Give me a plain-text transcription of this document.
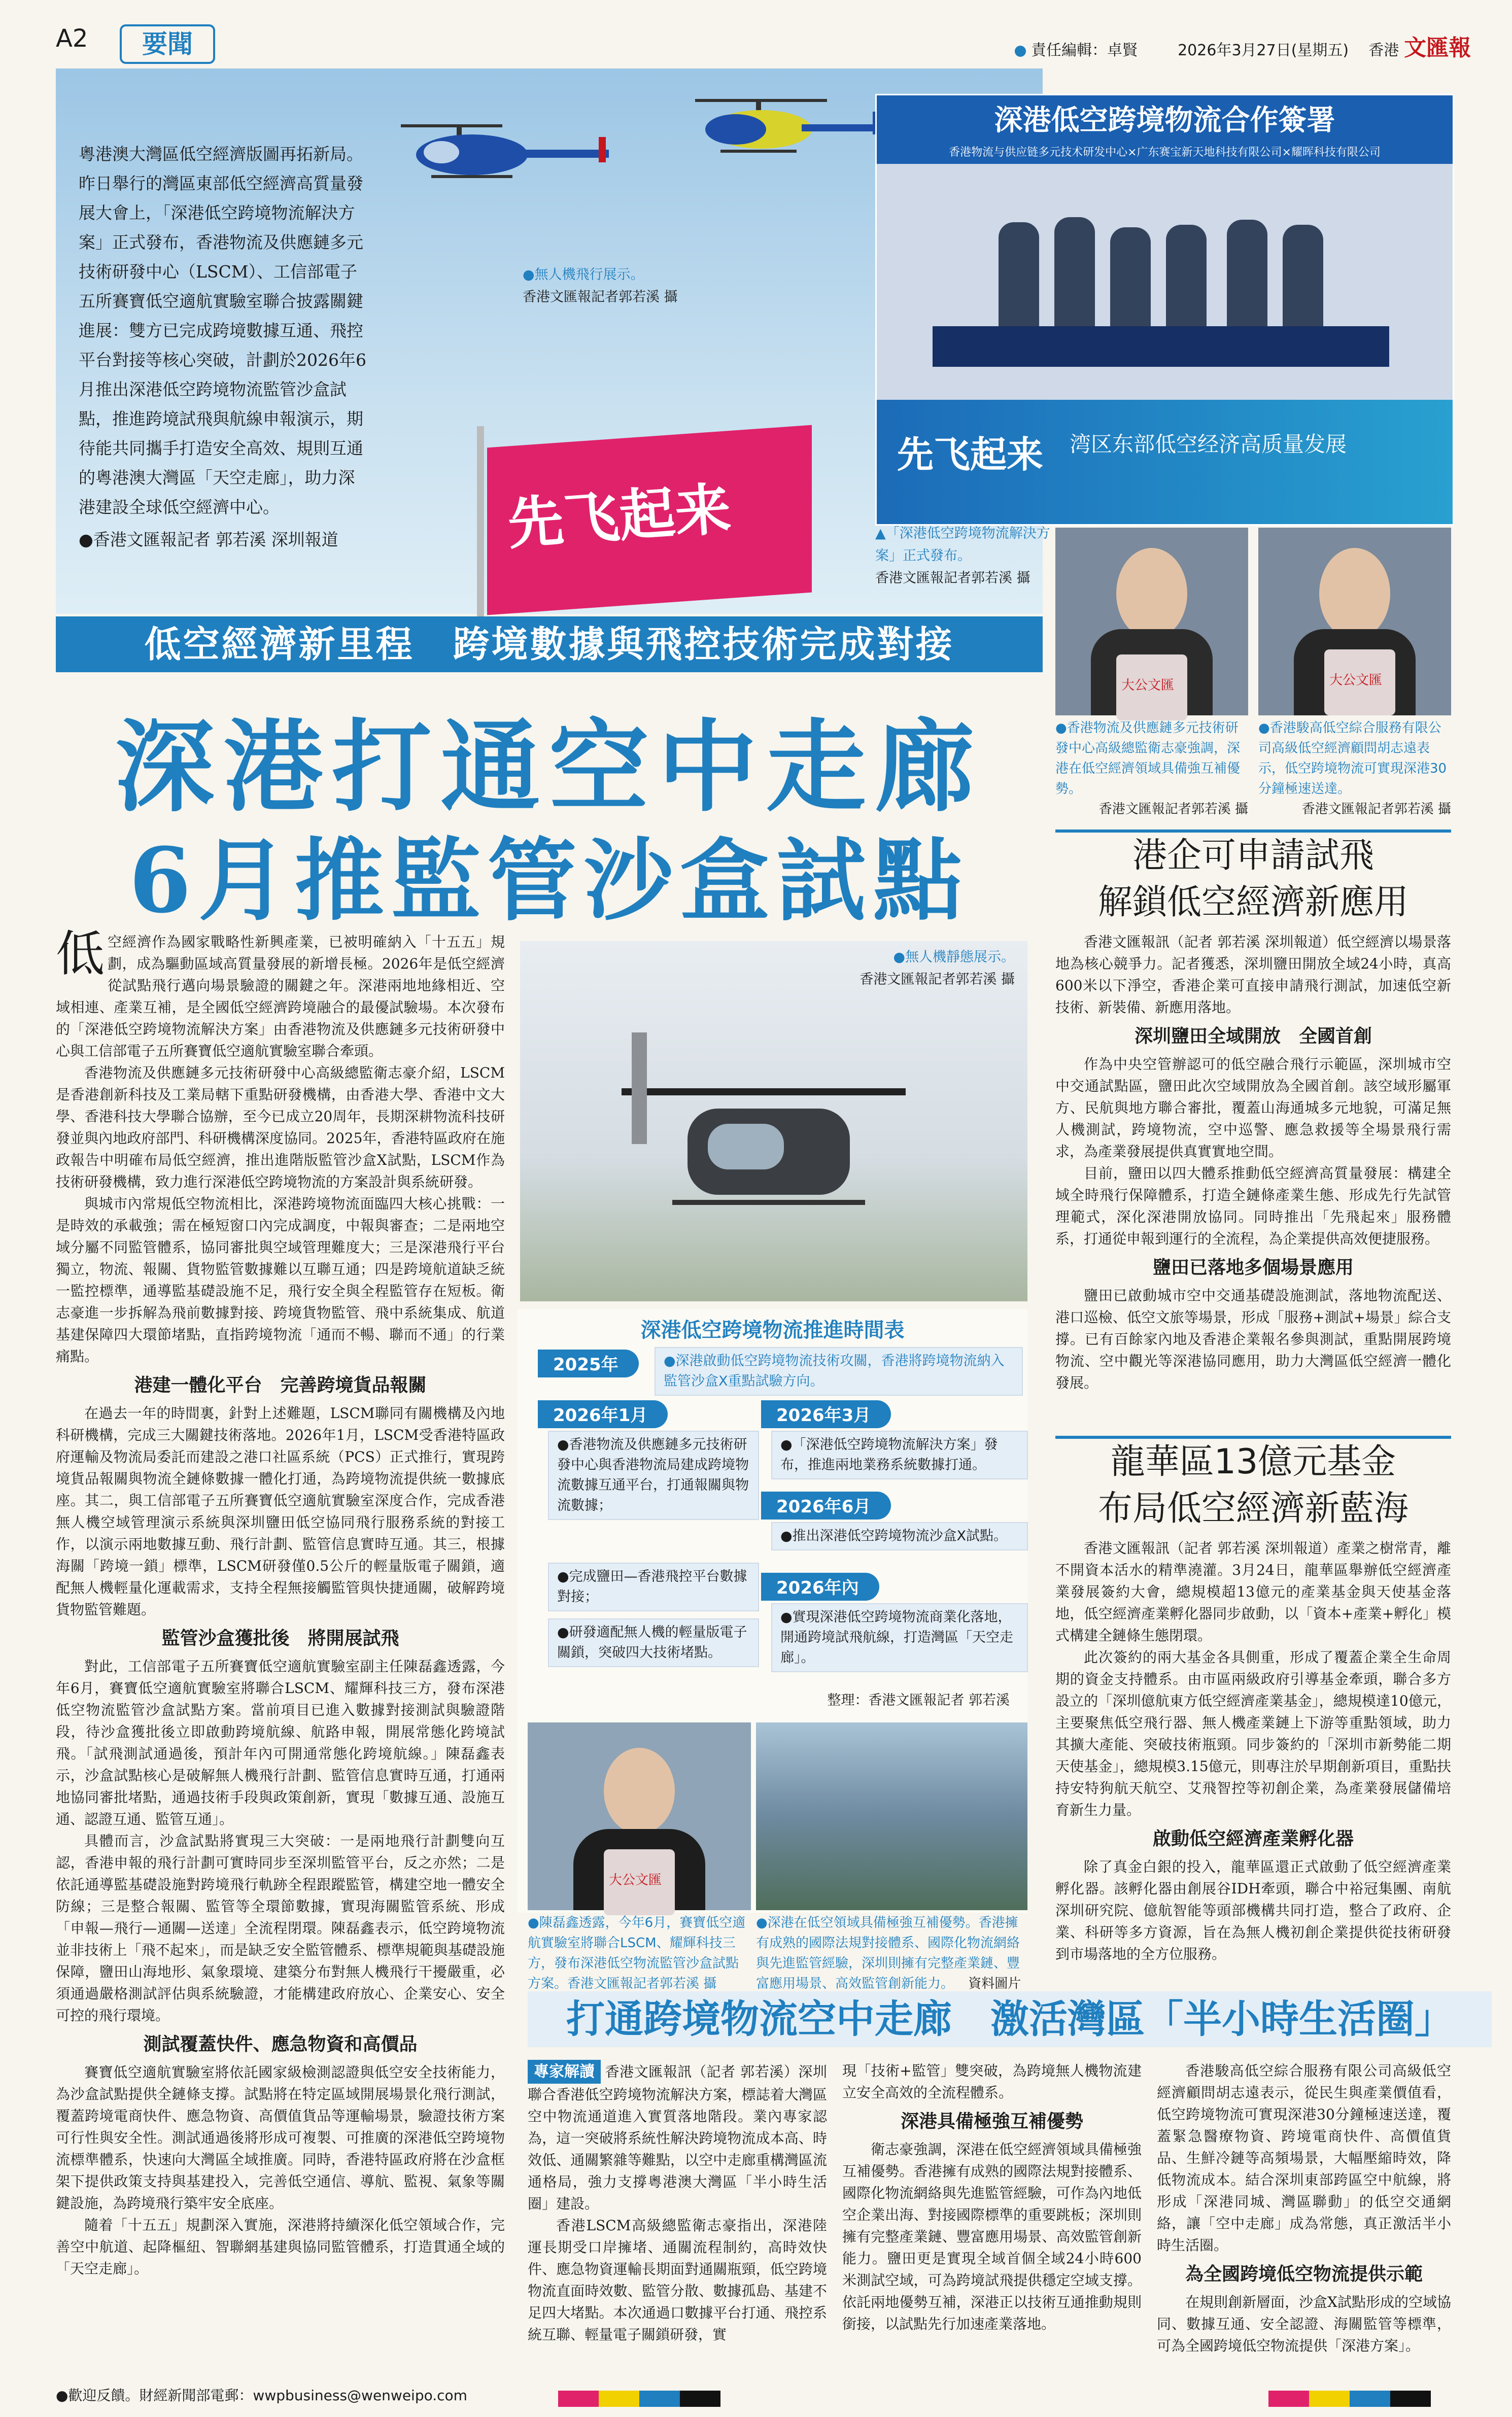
A2	要聞	責任編輯：卓賢	2026年3月27日(星期五) 香港 文匯報
先飞起来
粵港澳大灣區低空經濟版圖再拓新局。昨日舉行的灣區東部低空經濟高質量發展大會上，「深港低空跨境物流解決方案」正式發布，香港物流及供應鏈多元技術研發中心（LSCM）、工信部電子五所賽寶低空適航實驗室聯合披露關鍵進展：雙方已完成跨境數據互通、飛控平台對接等核心突破，計劃於2026年6月推出深港低空跨境物流監管沙盒試點，推進跨境試飛與航線申報演示，期待能共同攜手打造安全高效、規則互通的粵港澳大灣區「天空走廊」，助力深港建設全球低空經濟中心。
●香港文匯報記者 郭若溪 深圳報道
●無人機飛行展示。
香港文匯報記者郭若溪 攝
深港低空跨境物流合作簽署
香港物流与供应链多元技术研发中心×广东赛宝新天地科技有限公司×耀晖科技有限公司
先飞起来 湾区东部低空经济高质量发展
▲「深港低空跨境物流解決方案」正式發布。
香港文匯報記者郭若溪 攝
大公文匯	大公文匯
●香港物流及供應鏈多元技術研發中心高級總監衛志豪強調，深港在低空經濟領域具備強互補優勢。
香港文匯報記者郭若溪 攝
●香港駿高低空綜合服務有限公司高級低空經濟顧問胡志遠表示，低空跨境物流可實現深港30分鐘極速送達。
香港文匯報記者郭若溪 攝
低空經濟新里程　跨境數據與飛控技術完成對接
深港打通空中走廊
6月推監管沙盒試點

低空經濟作為國家戰略性新興產業，已被明確納入「十五五」規劃，成為驅動區域高質量發展的新增長極。2026年是低空經濟從試點飛行邁向場景驗證的關鍵之年。深港兩地地緣相近、空域相連、產業互補，是全國低空經濟跨境融合的最優試驗場。本次發布的「深港低空跨境物流解決方案」由香港物流及供應鏈多元技術研發中心與工信部電子五所賽寶低空適航實驗室聯合牽頭。

香港物流及供應鏈多元技術研發中心高級總監衛志豪介紹，LSCM是香港創新科技及工業局轄下重點研發機構，由香港大學、香港中文大學、香港科技大學聯合協辦，至今已成立20周年，長期深耕物流科技研發並與內地政府部門、科研機構深度協同。2025年，香港特區政府在施政報告中明確布局低空經濟，推出進階版監管沙盒X試點，LSCM作為技術研發機構，致力進行深港低空跨境物流的方案設計與系統研發。

與城市內常規低空物流相比，深港跨境物流面臨四大核心挑戰：一是時效的承載強；需在極短窗口內完成調度，中報與審查；二是兩地空域分屬不同監管體系，協同審批與空域管理難度大；三是深港飛行平台獨立，物流、報關、貨物監管數據難以互聯互通；四是跨境航道缺乏統一監控標準，通導監基礎設施不足，飛行安全與全程監管存在短板。衛志豪進一步拆解為飛前數據對接、跨境貨物監管、飛中系統集成、航道基建保障四大環節堵點，直指跨境物流「通而不暢、聯而不通」的行業痛點。

港建一體化平台　完善跨境貨品報關

在過去一年的時間裏，針對上述難題，LSCM聯同有關機構及內地科研機構，完成三大關鍵技術落地。2026年1月，LSCM受香港特區政府運輸及物流局委託而建設之港口社區系統（PCS）正式推行，實現跨境貨品報關與物流全鏈條數據一體化打通，為跨境物流提供統一數據底座。其二，與工信部電子五所賽寶低空適航實驗室深度合作，完成香港無人機空域管理演示系統與深圳鹽田低空協同飛行服務系統的對接工作，以演示兩地數據互動、飛行計劃、監管信息實時互通。其三，根據海關「跨境一鎖」標準，LSCM研發僅0.5公斤的輕量版電子關鎖，適配無人機輕量化運載需求，支持全程無接觸監管與快捷通關，破解跨境貨物監管難題。

監管沙盒獲批後　將開展試飛

對此，工信部電子五所賽寶低空適航實驗室副主任陳磊鑫透露，今年6月，賽寶低空適航實驗室將聯合LSCM、耀輝科技三方，發布深港低空物流監管沙盒試點方案。當前項目已進入數據對接測試與驗證階段，待沙盒獲批後立即啟動跨境航線、航路申報，開展常態化跨境試飛。「試飛測試通過後，預計年內可開通常態化跨境航線。」陳磊鑫表示，沙盒試點核心是破解無人機飛行計劃、監管信息實時互通，打通兩地協同審批堵點，通過技術手段與政策創新，實現「數據互通、設施互通、認證互通、監管互通」。

具體而言，沙盒試點將實現三大突破：一是兩地飛行計劃雙向互認，香港申報的飛行計劃可實時同步至深圳監管平台，反之亦然；二是依託通導監基礎設施對跨境飛行軌跡全程跟蹤監管，構建空地一體安全防線；三是整合報關、監管等全環節數據，實現海關監管系統、形成「申報—飛行—通關—送達」全流程閉環。陳磊鑫表示，低空跨境物流並非技術上「飛不起來」，而是缺乏安全監管體系、標準規範與基礎設施保障，鹽田山海地形、氣象環境、建築分布對無人機飛行干擾嚴重，必須通過嚴格測試評估與系統驗證，才能構建政府放心、企業安心、安全可控的飛行環境。

測試覆蓋快件、應急物資和高價品

賽寶低空適航實驗室將依託國家級檢測認證與低空安全技術能力，為沙盒試點提供全鏈條支撐。試點將在特定區域開展場景化飛行測試，覆蓋跨境電商快件、應急物資、高價值貨品等運輸場景，驗證技術方案可行性與安全性。測試通過後將形成可複製、可推廣的深港低空跨境物流標準體系，快速向大灣區全域推廣。同時，香港特區政府將在沙盒框架下提供政策支持與基建投入，完善低空通信、導航、監視、氣象等關鍵設施，為跨境飛行築牢安全底座。

隨着「十五五」規劃深入實施，深港將持續深化低空領域合作，完善空中航道、起降樞紐、智聯網基建與協同監管體系，打造貫通全域的「天空走廊」。

●無人機靜態展示。
香港文匯報記者郭若溪 攝
深港低空跨境物流推進時間表
2025年	●深港啟動低空跨境物流技術攻關，香港將跨境物流納入監管沙盒X重點試驗方向。
2026年1月
●香港物流及供應鏈多元技術研發中心與香港物流局建成跨境物流數據互通平台，打通報關與物流數據；
●完成鹽田—香港飛控平台數據對接；
●研發適配無人機的輕量版電子關鎖，突破四大技術堵點。
2026年3月
●「深港低空跨境物流解決方案」發布，推進兩地業務系統數據打通。
2026年6月
●推出深港低空跨境物流沙盒X試點。
2026年內
●實現深港低空跨境物流商業化落地，開通跨境試飛航線，打造灣區「天空走廊」。
整理：香港文匯報記者 郭若溪
大公文匯
●陳磊鑫透露，今年6月，賽寶低空適航實驗室將聯合LSCM、耀輝科技三方，發布深港低空物流監管沙盒試點方案。香港文匯報記者郭若溪 攝
●深港在低空領域具備極強互補優勢。香港擁有成熟的國際法規對接體系、國際化物流網絡與先進監管經驗，深圳則擁有完整產業鏈、豐富應用場景、高效監管創新能力。 資料圖片
港企可申請試飛
解鎖低空經濟新應用

香港文匯報訊（記者 郭若溪 深圳報道）低空經濟以場景落地為核心競爭力。記者獲悉，深圳鹽田開放全域24小時，真高600米以下淨空，香港企業可直接申請飛行測試，加速低空新技術、新裝備、新應用落地。

深圳鹽田全域開放　全國首創

作為中央空管辦認可的低空融合飛行示範區，深圳城市空中交通試點區，鹽田此次空域開放為全國首創。該空域形屬軍方、民航與地方聯合審批，覆蓋山海通城多元地貌，可滿足無人機測試，跨境物流，空中巡警、應急救援等全場景飛行需求，為產業發展提供真實實地空間。

目前，鹽田以四大體系推動低空經濟高質量發展：構建全域全時飛行保障體系，打造全鏈條產業生態、形成先行先試管理範式，深化深港開放協同。同時推出「先飛起來」服務體系，打通從申報到運行的全流程，為企業提供高效便捷服務。

鹽田已落地多個場景應用

鹽田已啟動城市空中交通基礎設施測試，落地物流配送、港口巡檢、低空文旅等場景，形成「服務+測試+場景」綜合支撐。已有百餘家內地及香港企業報名參與測試，重點開展跨境物流、空中觀光等深港協同應用，助力大灣區低空經濟一體化發展。

龍華區13億元基金
布局低空經濟新藍海

香港文匯報訊（記者 郭若溪 深圳報道）產業之樹常青，離不開資本活水的精準澆灌。3月24日，龍華區舉辦低空經濟產業發展簽約大會，總規模超13億元的產業基金與天使基金落地，低空經濟產業孵化器同步啟動，以「資本+產業+孵化」模式構建全鏈條生態閉環。

此次簽約的兩大基金各具側重，形成了覆蓋企業全生命周期的資金支持體系。由市區兩級政府引導基金牽頭，聯合多方設立的「深圳億航東方低空經濟產業基金」，總規模達10億元，主要聚焦低空飛行器、無人機產業鏈上下游等重點領域，助力其擴大產能、突破技術瓶頸。同步簽約的「深圳市新勢能二期天使基金」，總規模3.15億元，則專注於早期創新項目，重點扶持安特狗航天航空、艾飛智控等初創企業，為產業發展儲備培育新生力量。

啟動低空經濟產業孵化器

除了真金白銀的投入，龍華區還正式啟動了低空經濟產業孵化器。該孵化器由創展谷IDH牽頭，聯合中裕冠集團、南航深圳研究院、億航智能等頭部機構共同打造，整合了政府、企業、科研等多方資源，旨在為無人機初創企業提供從技術研發到市場落地的全方位服務。

打通跨境物流空中走廊　激活灣區「半小時生活圈」

專家解讀 香港文匯報訊（記者 郭若溪）深圳聯合香港低空跨境物流解決方案，標誌着大灣區空中物流通道進入實質落地階段。業內專家認為，這一突破將系統性解決跨境物流成本高、時效低、通關繁雜等難點，以空中走廊重構灣區流通格局，強力支撐粵港澳大灣區「半小時生活圈」建設。

香港LSCM高級總監衛志豪指出，深港陸運長期受口岸擁堵、通關流程制約，高時效快件、應急物資運輸長期面對通關瓶頸，低空跨境物流直面時效數、監管分散、數據孤島、基建不足四大堵點。本次通過口數據平台打通、飛控系統互聯、輕量電子關鎖研發，實

現「技術+監管」雙突破，為跨境無人機物流建立安全高效的全流程體系。

深港具備極強互補優勢

衛志豪強調，深港在低空經濟領域具備極強互補優勢。香港擁有成熟的國際法規對接體系、國際化物流網絡與先進監管經驗，可作為內地低空企業出海、對接國際標準的重要跳板；深圳則擁有完整產業鏈、豐富應用場景、高效監管創新能力。鹽田更是實現全域首個全域24小時600米測試空域，可為跨境試飛提供穩定空域支撐。依託兩地優勢互補，深港正以技術互通推動規則銜接，以試點先行加速產業落地。

香港駿高低空綜合服務有限公司高級低空經濟顧問胡志遠表示，從民生與產業價值看，低空跨境物流可實現深港30分鐘極速送達，覆蓋緊急醫療物資、跨境電商快件、高價值貨品、生鮮冷鏈等高頻場景，大幅壓縮時效，降低物流成本。結合深圳東部跨區空中航線，將形成「深港同城、灣區聯動」的低空交通網絡，讓「空中走廊」成為常態，真正激活半小時生活圈。

為全國跨境低空物流提供示範

在規則創新層面，沙盒X試點形成的空域協同、數據互通、安全認證、海關監管等標準，可為全國跨境低空物流提供「深港方案」。

●歡迎反饋。財經新聞部電郵：wwpbusiness@wenweipo.com
